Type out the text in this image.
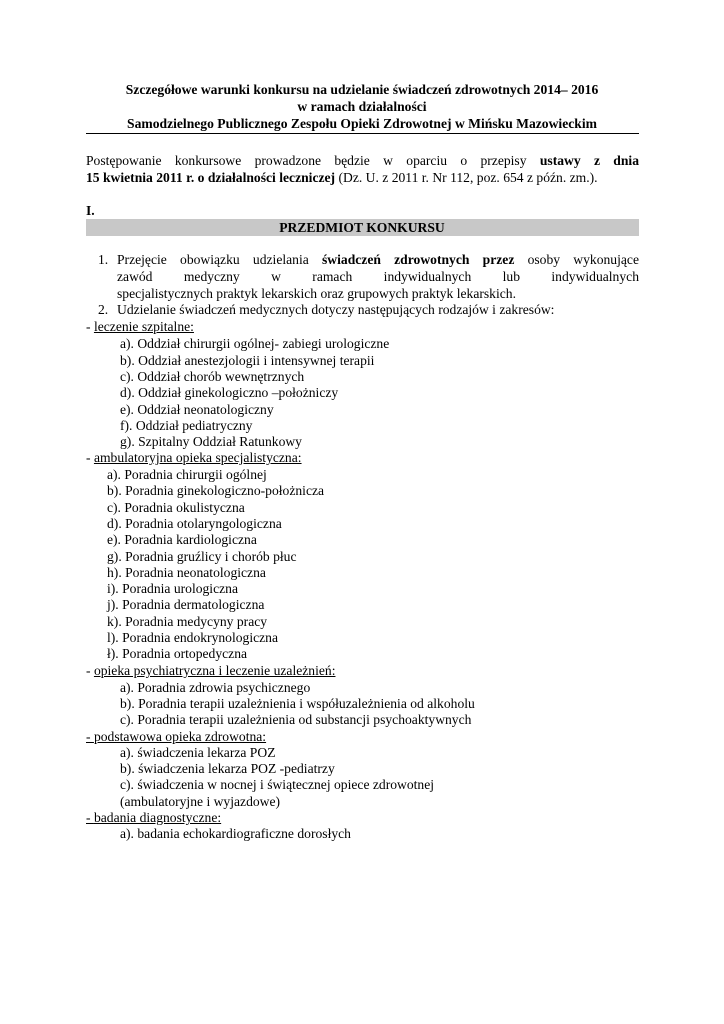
Szczegółowe warunki konkursu na udzielanie świadczeń zdrowotnych 2014– 2016
w ramach działalności
Samodzielnego Publicznego Zespołu Opieki Zdrowotnej w Mińsku Mazowieckim
Postępowanie konkursowe prowadzone będzie w oparciu o przepisy ustawy z dnia
15 kwietnia 2011 r. o działalności leczniczej (Dz. U. z 2011 r. Nr 112, poz. 654 z późn. zm.).
I.
PRZEDMIOT KONKURSU
1. Przejęcie obowiązku udzielania świadczeń zdrowotnych przez osoby wykonujące
zawód medyczny w ramach indywidualnych lub indywidualnych
specjalistycznych praktyk lekarskich oraz grupowych praktyk lekarskich.
2. Udzielanie świadczeń medycznych dotyczy następujących rodzajów i zakresów:
- leczenie szpitalne:
a). Oddział chirurgii ogólnej- zabiegi urologiczne
b). Oddział anestezjologii i intensywnej terapii
c). Oddział chorób wewnętrznych
d). Oddział ginekologiczno –położniczy
e). Oddział neonatologiczny
f). Oddział pediatryczny
g). Szpitalny Oddział Ratunkowy
- ambulatoryjna opieka specjalistyczna:
a). Poradnia chirurgii ogólnej
b). Poradnia ginekologiczno-położnicza
c). Poradnia okulistyczna
d). Poradnia otolaryngologiczna
e). Poradnia kardiologiczna
g). Poradnia gruźlicy i chorób płuc
h). Poradnia neonatologiczna
i). Poradnia urologiczna
j). Poradnia dermatologiczna
k). Poradnia medycyny pracy
l). Poradnia endokrynologiczna
ł). Poradnia ortopedyczna
- opieka psychiatryczna i leczenie uzależnień:
a). Poradnia zdrowia psychicznego
b). Poradnia terapii uzależnienia i współuzależnienia od alkoholu
c). Poradnia terapii uzależnienia od substancji psychoaktywnych
- podstawowa opieka zdrowotna:
a). świadczenia lekarza POZ
b). świadczenia lekarza POZ -pediatrzy
c). świadczenia w nocnej i świątecznej opiece zdrowotnej
(ambulatoryjne i wyjazdowe)
- badania diagnostyczne:
a). badania echokardiograficzne dorosłych
